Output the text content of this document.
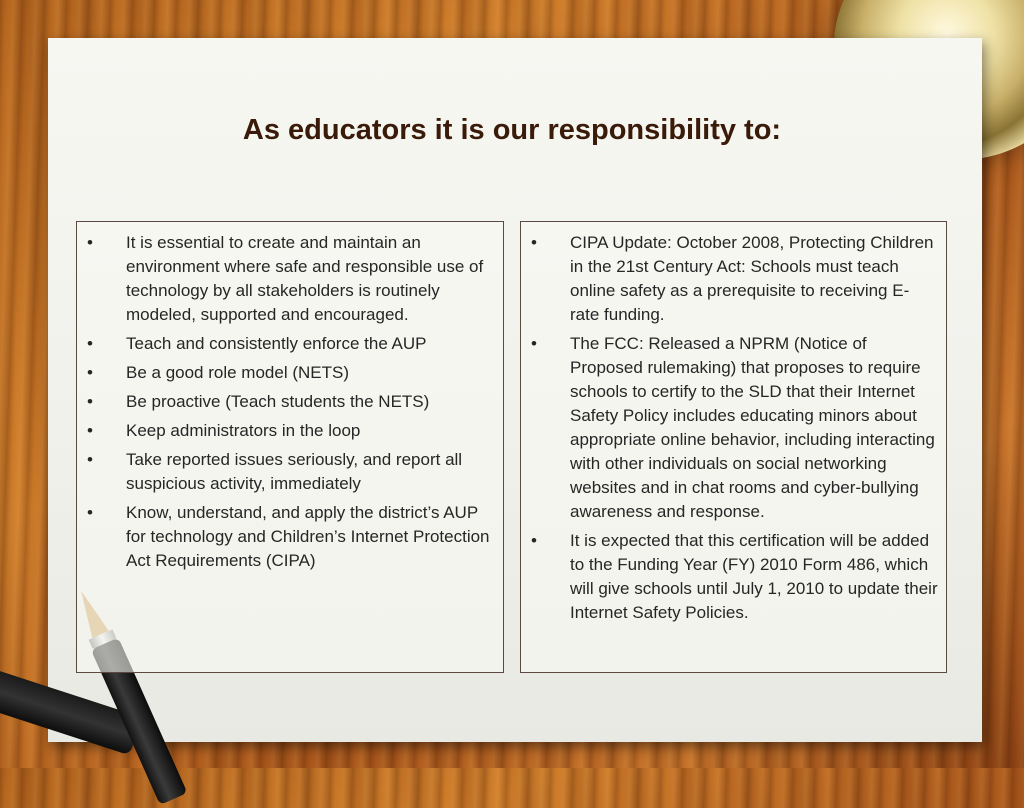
As educators it is our responsibility to:
•	It is essential to create and maintain an environment where safe and responsible use of technology by all stakeholders is routinely modeled, supported and encouraged.
•	Teach and consistently enforce the AUP
•	Be a good role model (NETS)
•	Be proactive (Teach students the NETS)
•	Keep administrators in the loop
•	Take reported issues seriously, and report all suspicious activity, immediately
•	Know, understand, and apply the district’s AUP for technology and Children’s Internet Protection Act Requirements (CIPA)
•	CIPA Update: October 2008, Protecting Children in the 21st Century Act: Schools must teach online safety as a prerequisite to receiving E-rate funding.
•	The FCC: Released a NPRM (Notice of Proposed rulemaking) that proposes to require schools to certify to the SLD that their Internet Safety Policy includes educating minors about appropriate online behavior, including interacting with other individuals on social networking websites and in chat rooms and cyber-bullying awareness and response.
•	It is expected that this certification will be added to the Funding Year (FY) 2010 Form 486, which will give schools until July 1, 2010 to update their Internet Safety Policies.
